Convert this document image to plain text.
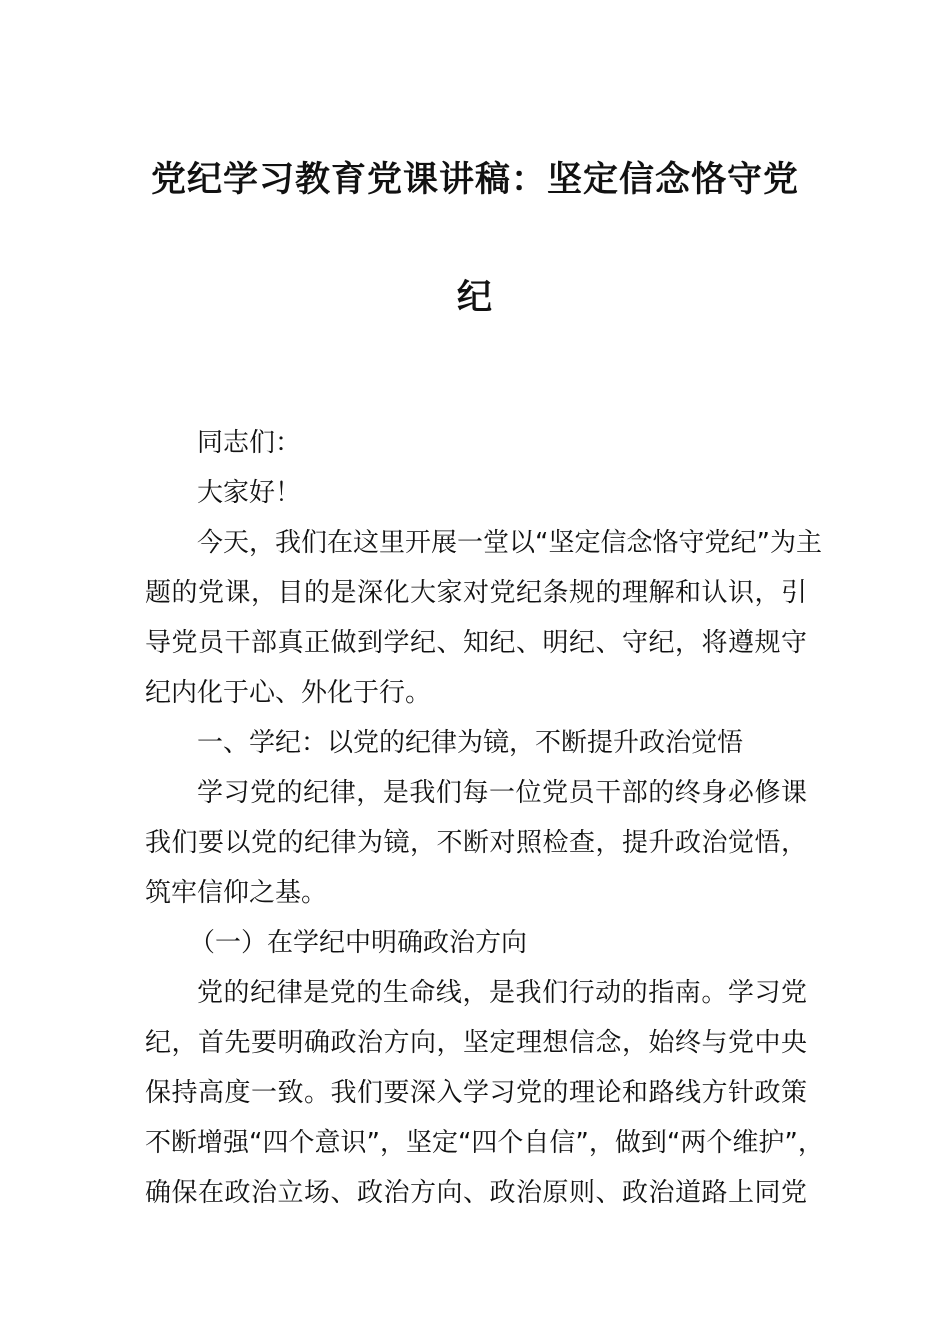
党纪学习教育党课讲稿：坚定信念恪守党
纪
同志们：
大家好！
今天，我们在这里开展一堂以“坚定信念恪守党纪”为主
题的党课，目的是深化大家对党纪条规的理解和认识，引
导党员干部真正做到学纪、知纪、明纪、守纪，将遵规守
纪内化于心、外化于行。
一、学纪：以党的纪律为镜，不断提升政治觉悟
学习党的纪律，是我们每一位党员干部的终身必修课
我们要以党的纪律为镜，不断对照检查，提升政治觉悟，
筑牢信仰之基。
（一）在学纪中明确政治方向
党的纪律是党的生命线，是我们行动的指南。学习党
纪，首先要明确政治方向，坚定理想信念，始终与党中央
保持高度一致。我们要深入学习党的理论和路线方针政策
不断增强“四个意识”，坚定“四个自信”，做到“两个维护”，
确保在政治立场、政治方向、政治原则、政治道路上同党
